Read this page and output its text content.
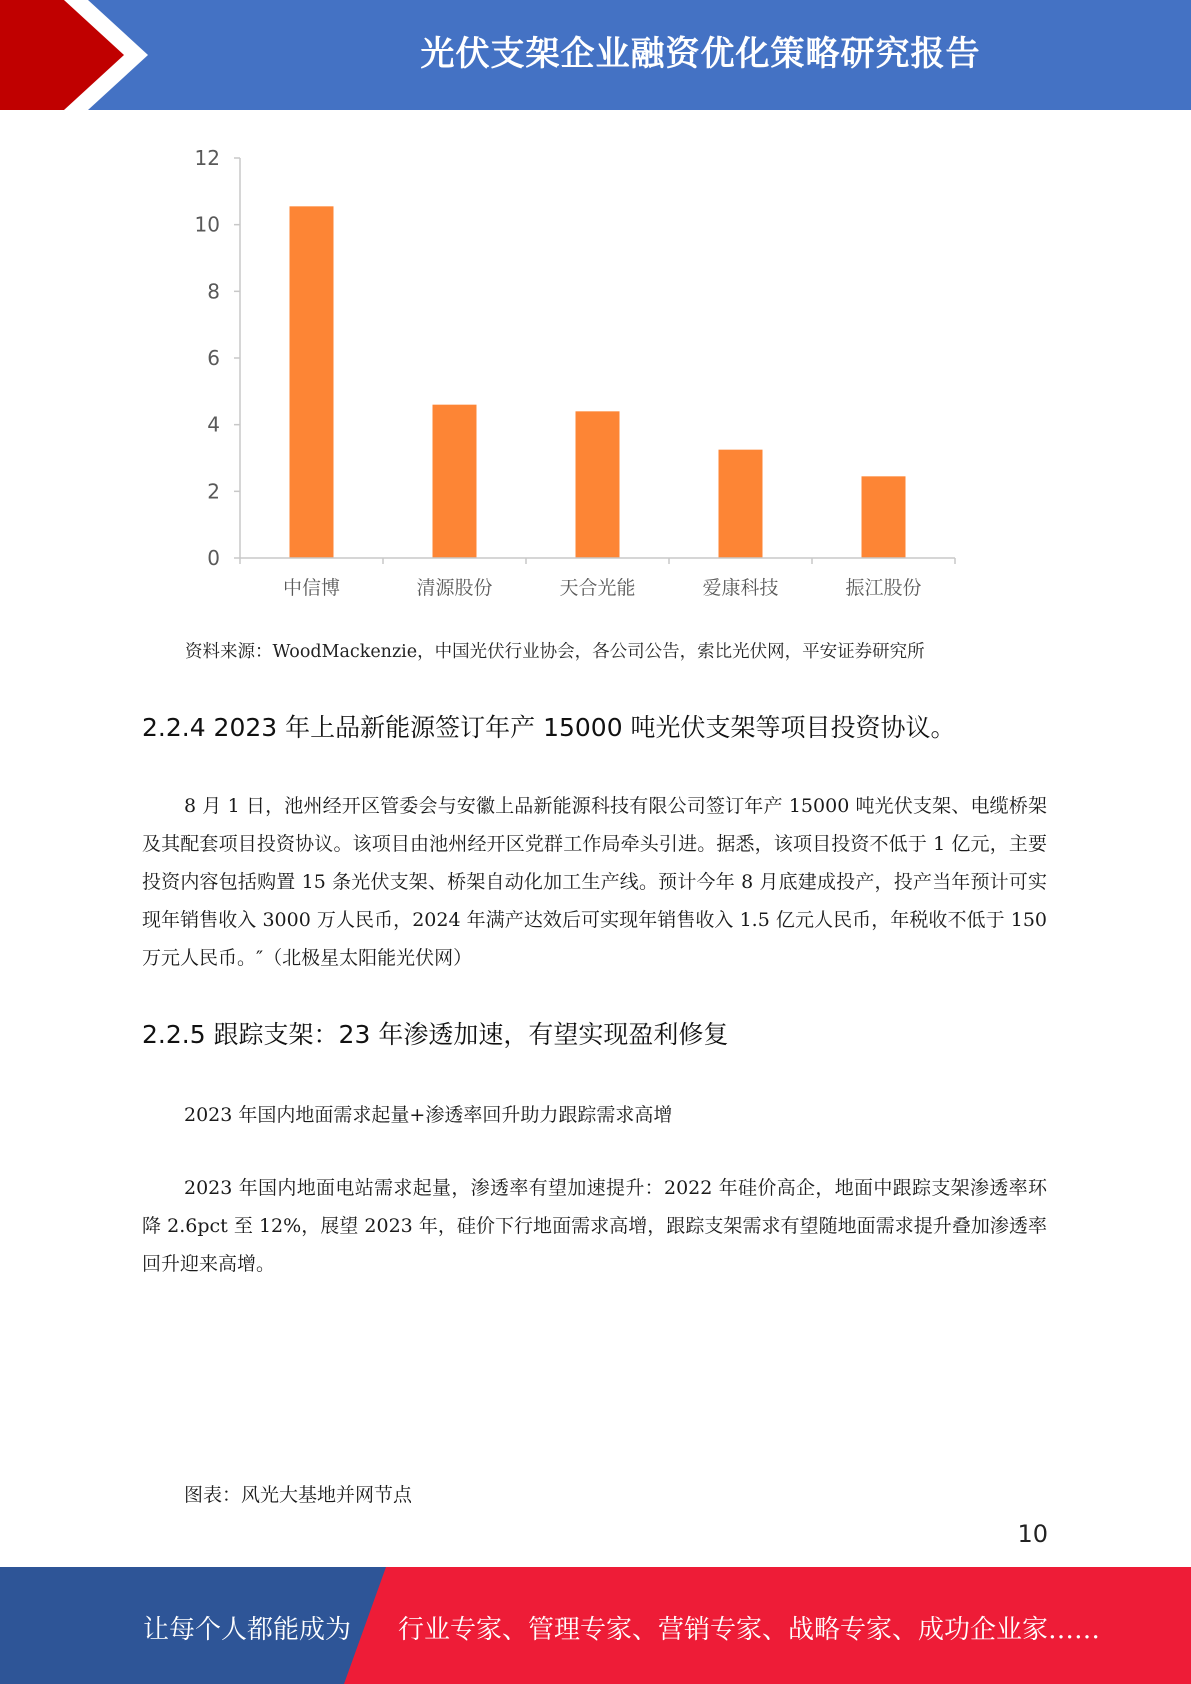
光伏支架企业融资优化策略研究报告
0
2
4
6
8
10
12
中信博	清源股份	天合光能	爱康科技	振江股份
资料来源：WoodMackenzie，中国光伏行业协会，各公司公告，索比光伏网，平安证券研究所
2.2.4 2023 年上品新能源签订年产 15000 吨光伏支架等项目投资协议。

8 月 1 日，池州经开区管委会与安徽上品新能源科技有限公司签订年产 15000 吨光伏支架、电缆桥架及其配套项目投资协议。该项目由池州经开区党群工作局牵头引进。据悉，该项目投资不低于 1 亿元，主要投资内容包括购置 15 条光伏支架、桥架自动化加工生产线。预计今年 8 月底建成投产，投产当年预计可实现年销售收入 3000 万人民币，2024 年满产达效后可实现年销售收入 1.5 亿元人民币，年税收不低于 150 万元人民币。″（北极星太阳能光伏网）

2.2.5 跟踪支架：23 年渗透加速，有望实现盈利修复
2023 年国内地面需求起量+渗透率回升助力跟踪需求高增

2023 年国内地面电站需求起量，渗透率有望加速提升：2022 年硅价高企，地面中跟踪支架渗透率环降 2.6pct 至 12%，展望 2023 年，硅价下行地面需求高增，跟踪支架需求有望随地面需求提升叠加渗透率回升迎来高增。

图表：风光大基地并网节点
10
让每个人都能成为 行业专家、管理专家、营销专家、战略专家、成功企业家……
